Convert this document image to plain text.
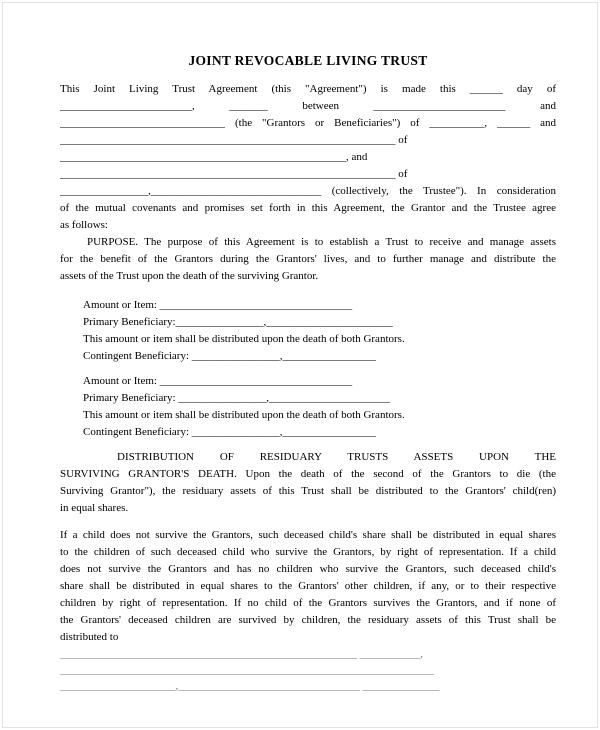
JOINT REVOCABLE LIVING TRUST
This Joint Living Trust Agreement (this "Agreement") is made this ______ day of
________________________, _______ between ________________________ and
______________________________ (the "Grantors or Beneficiaries") of __________, ______ and
_____________________________________________________________ of
____________________________________________________, and
_____________________________________________________________ of
________________,_______________________________ (collectively, the Trustee"). In consideration
of the mutual covenants and promises set forth in this Agreement, the Grantor and the Trustee agree
as follows:
PURPOSE. The purpose of this Agreement is to establish a Trust to receive and manage assets
for the benefit of the Grantors during the Grantors' lives, and to further manage and distribute the
assets of the Trust upon the death of the surviving Grantor.
Amount or Item: ___________________________________
Primary Beneficiary:________________,_______________________
This amount or item shall be distributed upon the death of both Grantors.
Contingent Beneficiary: ________________,_________________
Amount or Item: ___________________________________
Primary Beneficiary: ________________,______________________
This amount or item shall be distributed upon the death of both Grantors.
Contingent Beneficiary: ________________,_________________
DISTRIBUTION OF RESIDUARY TRUSTS ASSETS UPON THE
SURVIVING GRANTOR'S DEATH. Upon the death of the second of the Grantors to die (the
Surviving Grantor"), the residuary assets of this Trust shall be distributed to the Grantors' child(ren)
in equal shares.
If a child does not survive the Grantors, such deceased child's share shall be distributed in equal shares
to the children of such deceased child who survive the Grantors, by right of representation. If a child
does not survive the Grantors and has no children who survive the Grantors, such deceased child's
share shall be distributed in equal shares to the Grantors' other children, if any, or to their respective
children by right of representation. If no child of the Grantors survives the Grantors, and if none of
the Grantors' deceased children are survived by children, the residuary assets of this Trust shall be
distributed to
______________________________________________________ ___________,
____________________________________________________________________
_____________________,_________________________________ ______________
